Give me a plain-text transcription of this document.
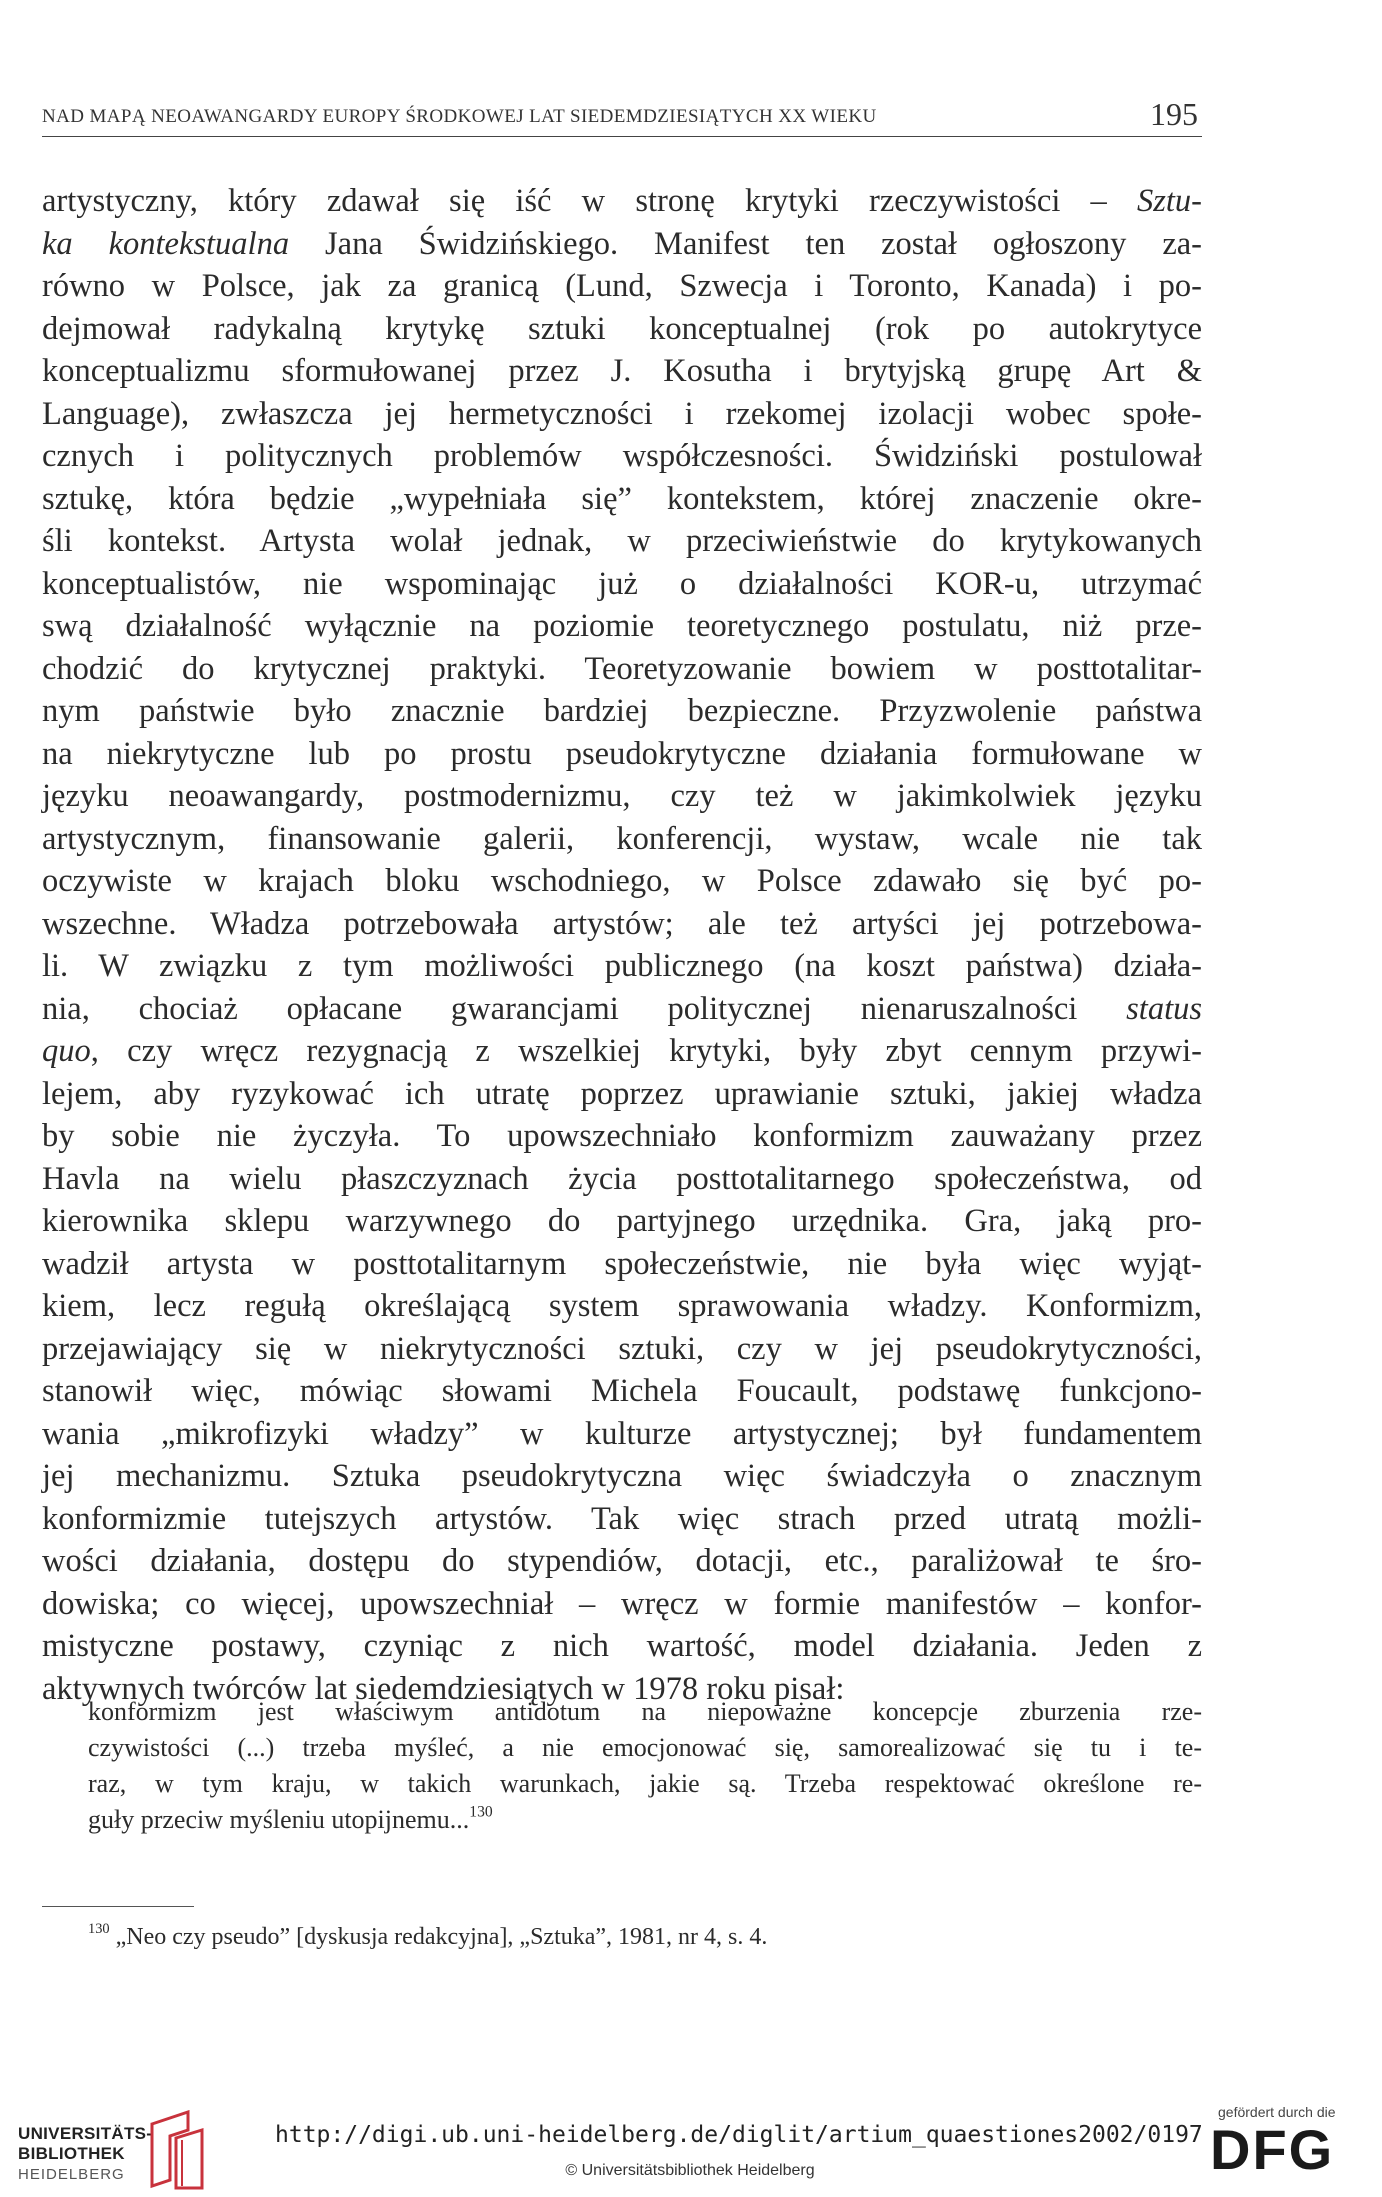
NAD MAPĄ NEOAWANGARDY EUROPY ŚRODKOWEJ LAT SIEDEMDZIESIĄTYCH XX WIEKU	195
artystyczny, który zdawał się iść w stronę krytyki rzeczywistości – Sztu-
ka kontekstualna Jana Świdzińskiego. Manifest ten został ogłoszony za-
równo w Polsce, jak za granicą (Lund, Szwecja i Toronto, Kanada) i po-
dejmował radykalną krytykę sztuki konceptualnej (rok po autokrytyce
konceptualizmu sformułowanej przez J. Kosutha i brytyjską grupę Art &
Language), zwłaszcza jej hermetyczności i rzekomej izolacji wobec społe-
cznych i politycznych problemów współczesności. Świdziński postulował
sztukę, która będzie „wypełniała się” kontekstem, której znaczenie okre-
śli kontekst. Artysta wolał jednak, w przeciwieństwie do krytykowanych
konceptualistów, nie wspominając już o działalności KOR-u, utrzymać
swą działalność wyłącznie na poziomie teoretycznego postulatu, niż prze-
chodzić do krytycznej praktyki. Teoretyzowanie bowiem w posttotalitar-
nym państwie było znacznie bardziej bezpieczne. Przyzwolenie państwa
na niekrytyczne lub po prostu pseudokrytyczne działania formułowane w
języku neoawangardy, postmodernizmu, czy też w jakimkolwiek języku
artystycznym, finansowanie galerii, konferencji, wystaw, wcale nie tak
oczywiste w krajach bloku wschodniego, w Polsce zdawało się być po-
wszechne. Władza potrzebowała artystów; ale też artyści jej potrzebowa-
li. W związku z tym możliwości publicznego (na koszt państwa) działa-
nia, chociaż opłacane gwarancjami politycznej nienaruszalności status
quo, czy wręcz rezygnacją z wszelkiej krytyki, były zbyt cennym przywi-
lejem, aby ryzykować ich utratę poprzez uprawianie sztuki, jakiej władza
by sobie nie życzyła. To upowszechniało konformizm zauważany przez
Havla na wielu płaszczyznach życia posttotalitarnego społeczeństwa, od
kierownika sklepu warzywnego do partyjnego urzędnika. Gra, jaką pro-
wadził artysta w posttotalitarnym społeczeństwie, nie była więc wyjąt-
kiem, lecz regułą określającą system sprawowania władzy. Konformizm,
przejawiający się w niekrytyczności sztuki, czy w jej pseudokrytyczności,
stanowił więc, mówiąc słowami Michela Foucault, podstawę funkcjono-
wania „mikrofizyki władzy” w kulturze artystycznej; był fundamentem
jej mechanizmu. Sztuka pseudokrytyczna więc świadczyła o znacznym
konformizmie tutejszych artystów. Tak więc strach przed utratą możli-
wości działania, dostępu do stypendiów, dotacji, etc., paraliżował te śro-
dowiska; co więcej, upowszechniał – wręcz w formie manifestów – konfor-
mistyczne postawy, czyniąc z nich wartość, model działania. Jeden z
aktywnych twórców lat siedemdziesiątych w 1978 roku pisał:
konformizm jest właściwym antidotum na niepoważne koncepcje zburzenia rze-
czywistości (...) trzeba myśleć, a nie emocjonować się, samorealizować się tu i te-
raz, w tym kraju, w takich warunkach, jakie są. Trzeba respektować określone re-
guły przeciw myśleniu utopijnemu...$^{130}$
$^{130}$ „Neo czy pseudo” [dyskusja redakcyjna], „Sztuka”, 1981, nr 4, s. 4.
UNIVERSITÄTS-
BIBLIOTHEK
HEIDELBERG
http://digi.ub.uni-heidelberg.de/diglit/artium_quaestiones2002/0197
© Universitätsbibliothek Heidelberg
gefördert durch die
DFG
